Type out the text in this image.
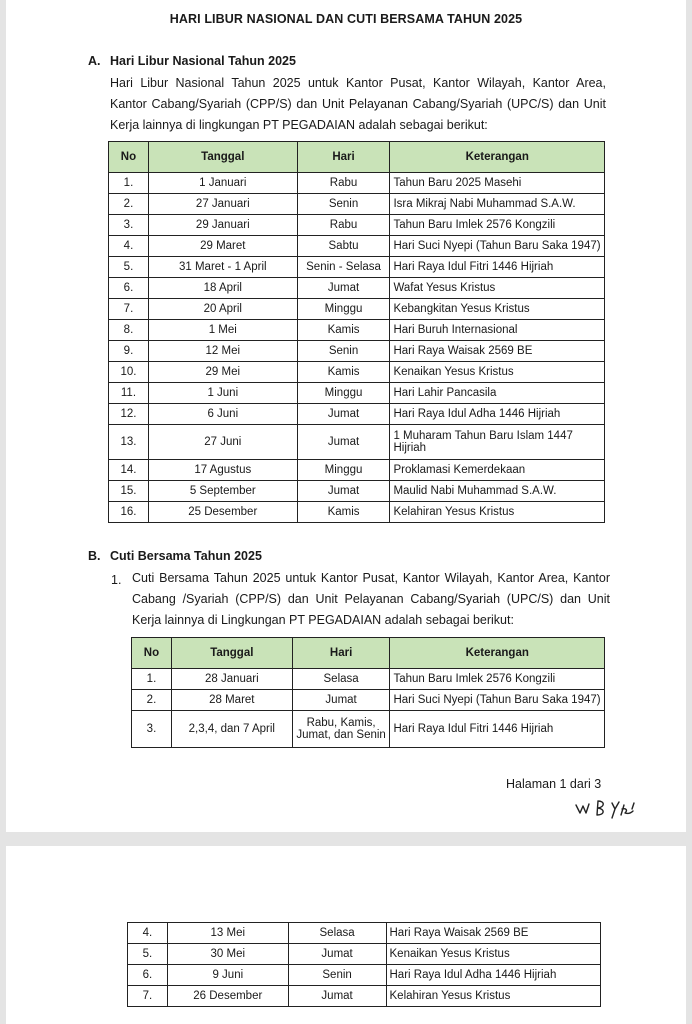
HARI LIBUR NASIONAL DAN CUTI BERSAMA TAHUN 2025
A. Hari Libur Nasional Tahun 2025
Hari Libur Nasional Tahun 2025 untuk Kantor Pusat, Kantor Wilayah, Kantor Area,
Kantor Cabang/Syariah (CPP/S) dan Unit Pelayanan Cabang/Syariah (UPC/S) dan Unit
Kerja lainnya di lingkungan PT PEGADAIAN adalah sebagai berikut:
No	Tanggal	Hari	Keterangan
1.	1 Januari	Rabu	Tahun Baru 2025 Masehi
2.	27 Januari	Senin	Isra Mikraj Nabi Muhammad S.A.W.
3.	29 Januari	Rabu	Tahun Baru Imlek 2576 Kongzili
4.	29 Maret	Sabtu	Hari Suci Nyepi (Tahun Baru Saka 1947)
5.	31 Maret - 1 April	Senin - Selasa	Hari Raya Idul Fitri 1446 Hijriah
6.	18 April	Jumat	Wafat Yesus Kristus
7.	20 April	Minggu	Kebangkitan Yesus Kristus
8.	1 Mei	Kamis	Hari Buruh Internasional
9.	12 Mei	Senin	Hari Raya Waisak 2569 BE
10.	29 Mei	Kamis	Kenaikan Yesus Kristus
11.	1 Juni	Minggu	Hari Lahir Pancasila
12.	6 Juni	Jumat	Hari Raya Idul Adha 1446 Hijriah
13.	27 Juni	Jumat	1 Muharam Tahun Baru Islam 1447 Hijriah
14.	17 Agustus	Minggu	Proklamasi Kemerdekaan
15.	5 September	Jumat	Maulid Nabi Muhammad S.A.W.
16.	25 Desember	Kamis	Kelahiran Yesus Kristus
B. Cuti Bersama Tahun 2025
1. Cuti Bersama Tahun 2025 untuk Kantor Pusat, Kantor Wilayah, Kantor Area, Kantor
Cabang /Syariah (CPP/S) dan Unit Pelayanan Cabang/Syariah (UPC/S) dan Unit
Kerja lainnya di Lingkungan PT PEGADAIAN adalah sebagai berikut:
No	Tanggal	Hari	Keterangan
1.	28 Januari	Selasa	Tahun Baru Imlek 2576 Kongzili
2.	28 Maret	Jumat	Hari Suci Nyepi (Tahun Baru Saka 1947)
3.	2,3,4, dan 7 April	Rabu, Kamis, Jumat, dan Senin	Hari Raya Idul Fitri 1446 Hijriah
Halaman 1 dari 3
4.	13 Mei	Selasa	Hari Raya Waisak 2569 BE
5.	30 Mei	Jumat	Kenaikan Yesus Kristus
6.	9 Juni	Senin	Hari Raya Idul Adha 1446 Hijriah
7.	26 Desember	Jumat	Kelahiran Yesus Kristus
